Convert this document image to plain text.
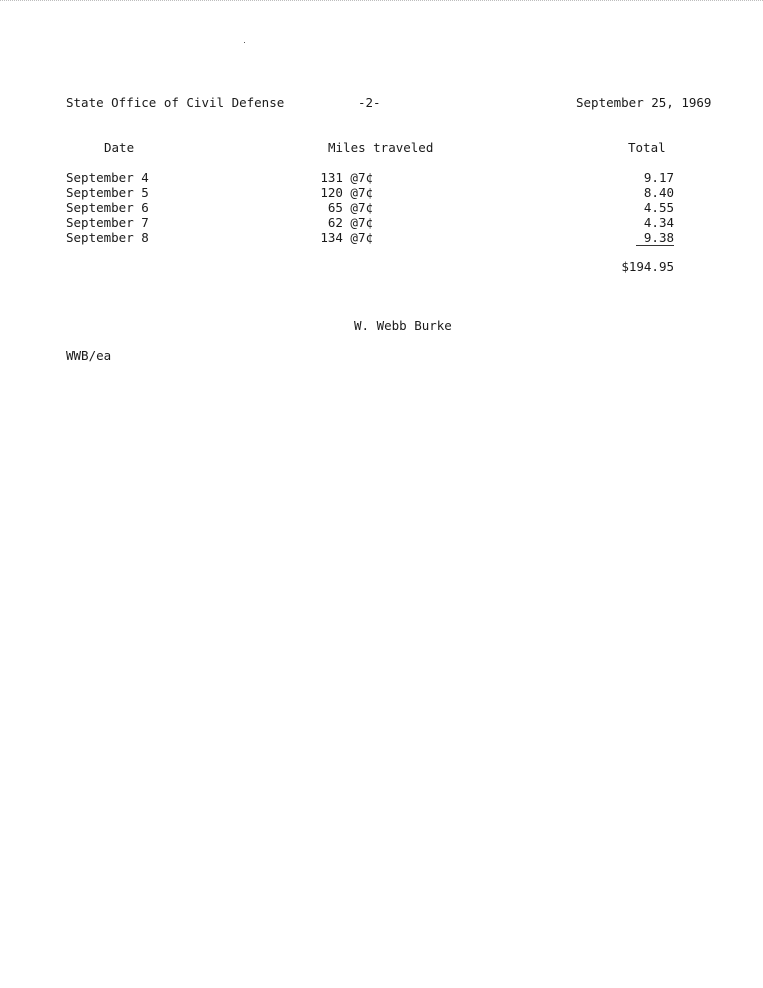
State Office of Civil Defense	-2-	September 25, 1969
Date	Miles traveled	Total
September 4	131 @7¢	9.17
September 5	120 @7¢	8.40
September 6	65 @7¢	4.55
September 7	62 @7¢	4.34
September 8	134 @7¢	9.38
$194.95
W. Webb Burke
WWB/ea
